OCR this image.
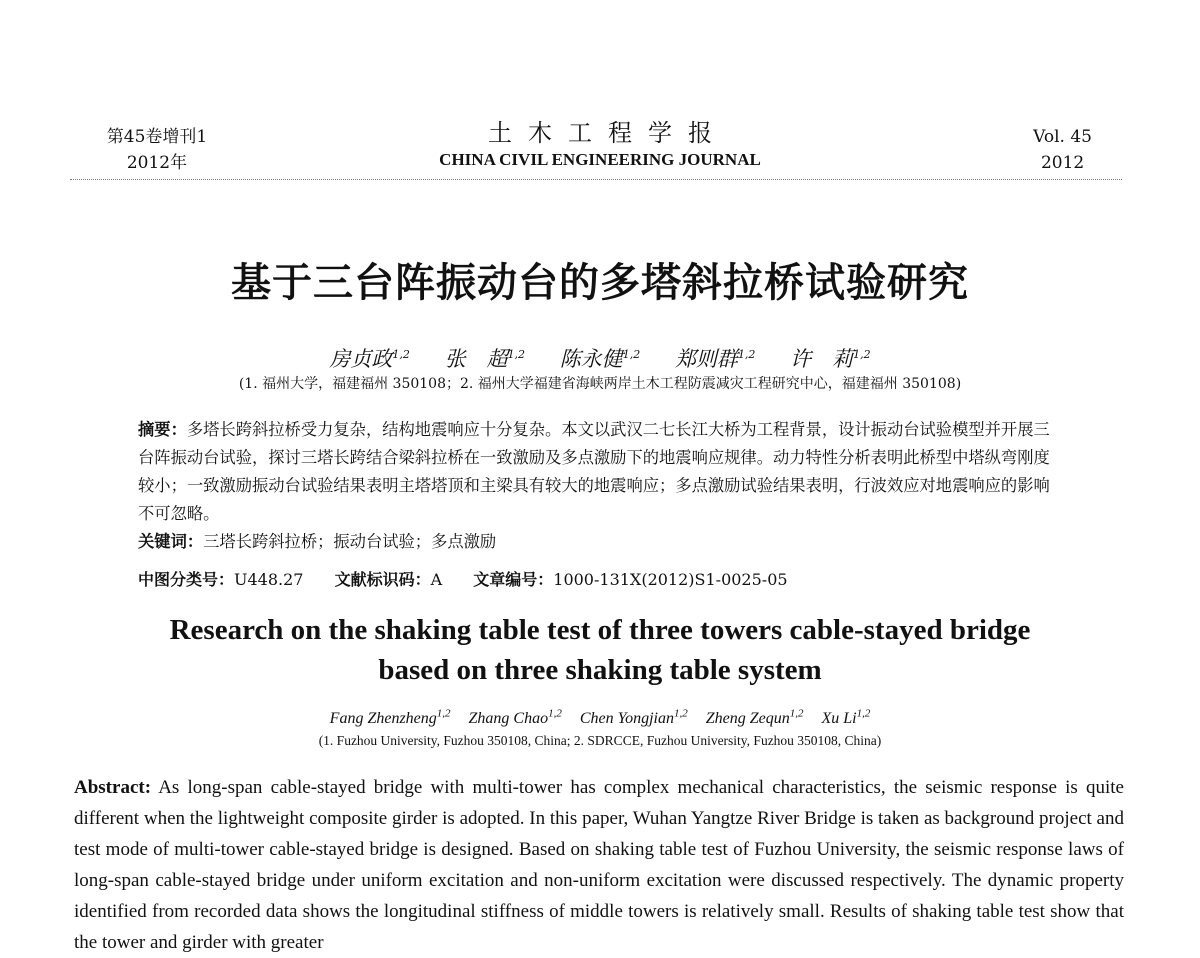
第45卷增刊1
2012年
土木工程学报
CHINA CIVIL ENGINEERING JOURNAL
Vol. 45
2012
基于三台阵振动台的多塔斜拉桥试验研究
房贞政$^{1,2}$ 张　超$^{1,2}$ 陈永健$^{1,2}$ 郑则群$^{1,2}$ 许　莉$^{1,2}$
(1. 福州大学，福建福州 350108；2. 福州大学福建省海峡两岸土木工程防震减灾工程研究中心，福建福州 350108)
摘要：多塔长跨斜拉桥受力复杂，结构地震响应十分复杂。本文以武汉二七长江大桥为工程背景，设计振动台试验模型并开展三台阵振动台试验，探讨三塔长跨结合梁斜拉桥在一致激励及多点激励下的地震响应规律。动力特性分析表明此桥型中塔纵弯刚度较小；一致激励振动台试验结果表明主塔塔顶和主梁具有较大的地震响应；多点激励试验结果表明，行波效应对地震响应的影响不可忽略。
关键词：三塔长跨斜拉桥；振动台试验；多点激励
中图分类号：U448.27 文献标识码：A 文章编号：1000-131X(2012)S1-0025-05
Research on the shaking table test of three towers cable-stayed bridge
based on three shaking table system
Fang Zhenzheng$^{1,2}$ Zhang Chao$^{1,2}$ Chen Yongjian$^{1,2}$ Zheng Zequn$^{1,2}$ Xu Li$^{1,2}$
(1. Fuzhou University, Fuzhou 350108, China; 2. SDRCCE, Fuzhou University, Fuzhou 350108, China)
Abstract: As long-span cable-stayed bridge with multi-tower has complex mechanical characteristics, the seismic response is quite different when the lightweight composite girder is adopted. In this paper, Wuhan Yangtze River Bridge is taken as background project and test mode of multi-tower cable-stayed bridge is designed. Based on shaking table test of Fuzhou University, the seismic response laws of long-span cable-stayed bridge under uniform excitation and non-uniform excitation were discussed respectively. The dynamic property identified from recorded data shows the longitudinal stiffness of middle towers is relatively small. Results of shaking table test show that the tower and girder with greater
